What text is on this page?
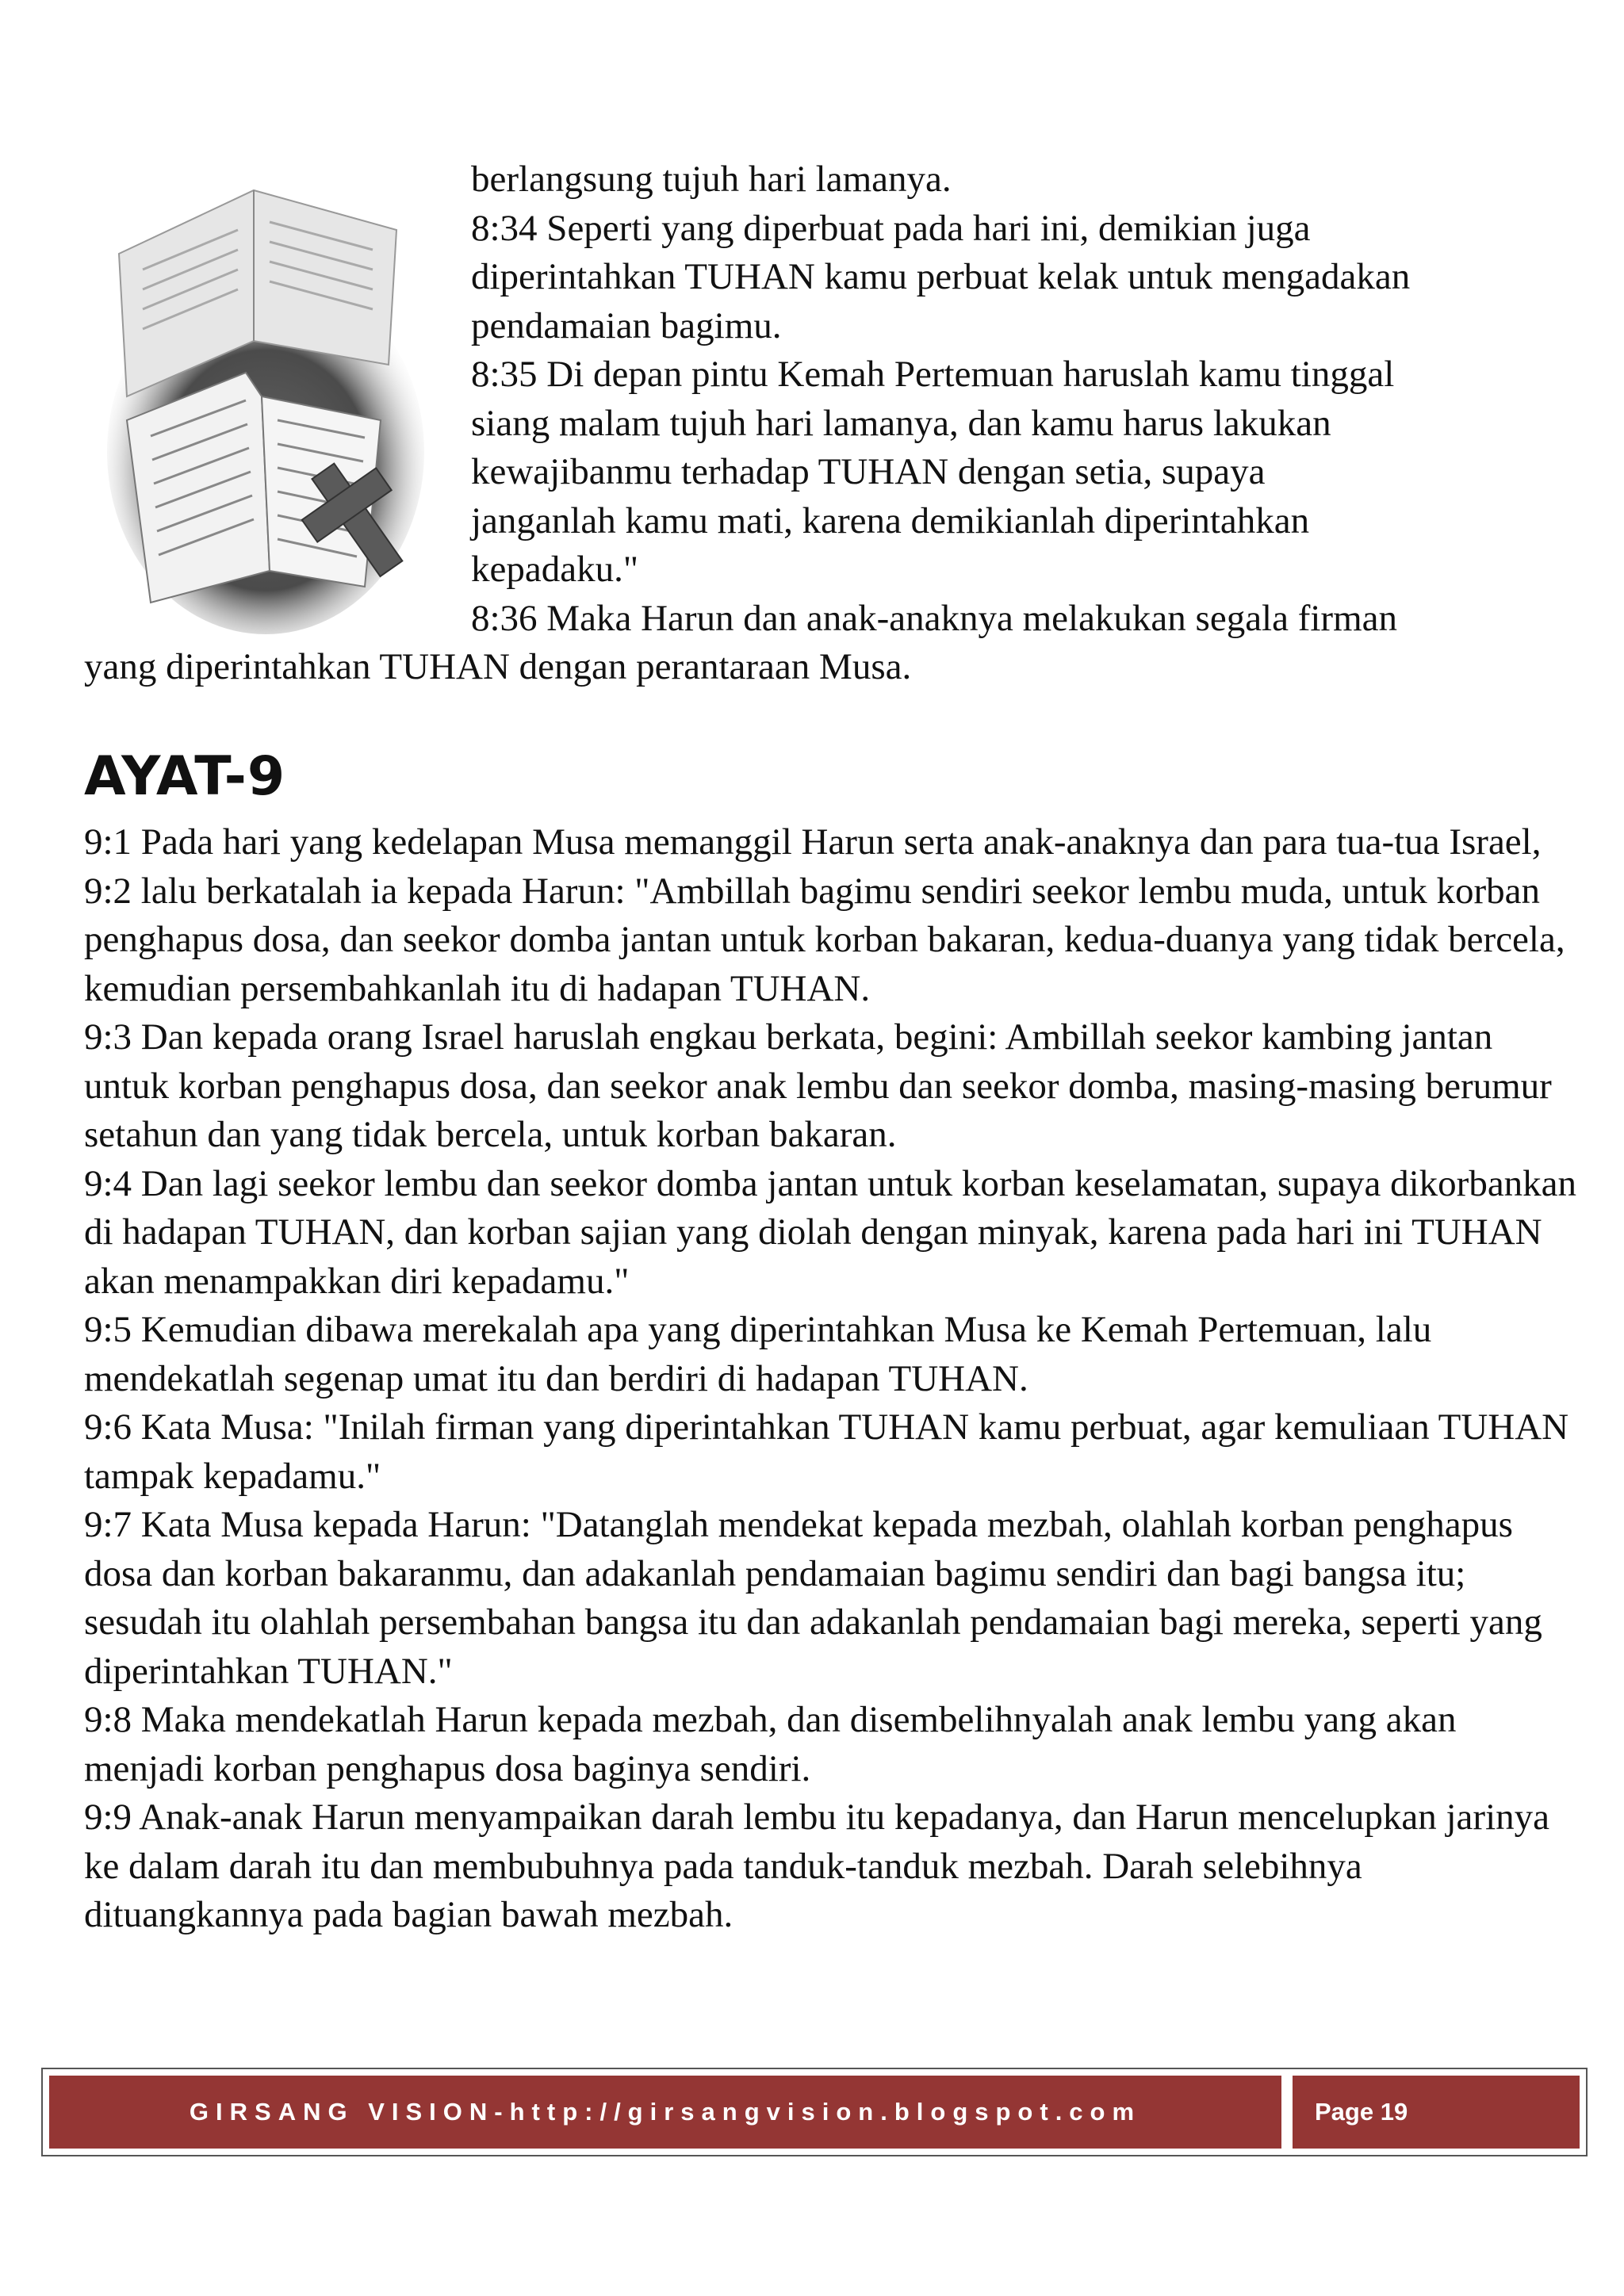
berlangsung tujuh hari lamanya.

8:34 Seperti yang diperbuat pada hari ini, demikian juga

diperintahkan TUHAN kamu perbuat kelak untuk mengadakan

pendamaian bagimu.

8:35 Di depan pintu Kemah Pertemuan haruslah kamu tinggal

siang malam tujuh hari lamanya, dan kamu harus lakukan

kewajibanmu terhadap TUHAN dengan setia, supaya

janganlah kamu mati, karena demikianlah diperintahkan

kepadaku."

8:36 Maka Harun dan anak-anaknya melakukan segala firman

yang diperintahkan TUHAN dengan perantaraan Musa.

AYAT-9

9:1 Pada hari yang kedelapan Musa memanggil Harun serta anak-anaknya dan para tua-tua Israel,

9:2 lalu berkatalah ia kepada Harun: "Ambillah bagimu sendiri seekor lembu muda, untuk korban penghapus dosa, dan seekor domba jantan untuk korban bakaran, kedua-duanya yang tidak bercela, kemudian persembahkanlah itu di hadapan TUHAN.

9:3 Dan kepada orang Israel haruslah engkau berkata, begini: Ambillah seekor kambing jantan untuk korban penghapus dosa, dan seekor anak lembu dan seekor domba, masing-masing berumur setahun dan yang tidak bercela, untuk korban bakaran.

9:4 Dan lagi seekor lembu dan seekor domba jantan untuk korban keselamatan, supaya dikorbankan di hadapan TUHAN, dan korban sajian yang diolah dengan minyak, karena pada hari ini TUHAN akan menampakkan diri kepadamu."

9:5 Kemudian dibawa merekalah apa yang diperintahkan Musa ke Kemah Pertemuan, lalu mendekatlah segenap umat itu dan berdiri di hadapan TUHAN.

9:6 Kata Musa: "Inilah firman yang diperintahkan TUHAN kamu perbuat, agar kemuliaan TUHAN tampak kepadamu."

9:7 Kata Musa kepada Harun: "Datanglah mendekat kepada mezbah, olahlah korban penghapus dosa dan korban bakaranmu, dan adakanlah pendamaian bagimu sendiri dan bagi bangsa itu; sesudah itu olahlah persembahan bangsa itu dan adakanlah pendamaian bagi mereka, seperti yang diperintahkan TUHAN."

9:8 Maka mendekatlah Harun kepada mezbah, dan disembelihnyalah anak lembu yang akan menjadi korban penghapus dosa baginya sendiri.

9:9 Anak-anak Harun menyampaikan darah lembu itu kepadanya, dan Harun mencelupkan jarinya ke dalam darah itu dan membubuhnya pada tanduk-tanduk mezbah. Darah selebihnya dituangkannya pada bagian bawah mezbah.

GIRSANG VISION-http://girsangvision.blogspot.com	Page 19
